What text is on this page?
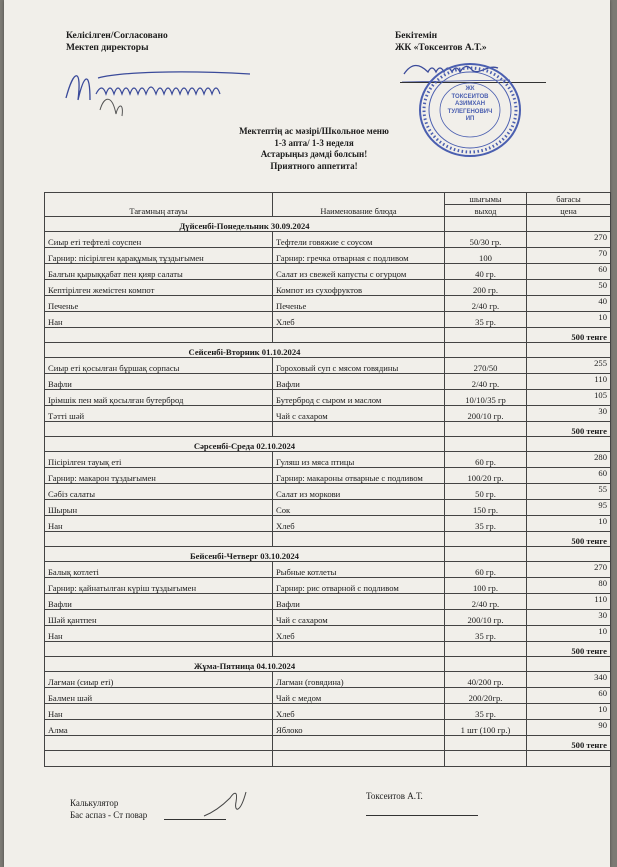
Келісілген/Согласовано
Мектеп директоры
Бекітемін
ЖК «Токсеитов А.Т.»
ЖК
ТОКСЕИТОВ
АЗИМХАН
ТУЛЕГЕНОВИЧ
ИП
Мектептің ас мәзірі/Школьное меню
1-3 апта/ 1-3 неделя
Астарыңыз дәмді болсын!
Приятного аппетита!
Тағамның атауы	Наименование блюда	шығымы	бағасы
		выход	цена
Дүйсенбі-Понедельник 30.09.2024			
Сиыр еті тефтелі соуспен	Тефтели говяжие с соусом	50/30 гр.	270
Гарнир: пісірілген қарақұмық тұздығымен	Гарнир: гречка отварная с подливом	100	70
Балғын қырыққабат пен қияр салаты	Салат из свежей капусты с огурцом	40 гр.	60
Кептірілген жемістен компот	Компот из сухофруктов	200 гр.	50
Печенье	Печенье	2/40 гр.	40
Нан	Хлеб	35 гр.	10
			500 тенге
Сейсенбі-Вторник 01.10.2024			
Сиыр еті қосылған бұршақ сорпасы	Гороховый суп с мясом говядины	270/50	255
Вафли	Вафли	2/40 гр.	110
Ірімшік пен май қосылған бутерброд	Бутерброд с сыром и маслом	10/10/35 гр	105
Тәтті шәй	Чай с сахаром	200/10 гр.	30
			500 тенге
Сәрсенбі-Среда 02.10.2024			
Пісірілген тауық еті	Гуляш из мяса птицы	60 гр.	280
Гарнир: макарон тұздығымен	Гарнир: макароны отварные с подливом	100/20 гр.	60
Сәбіз салаты	Салат из моркови	50 гр.	55
Шырын	Сок	150 гр.	95
Нан	Хлеб	35 гр.	10
			500 тенге
Бейсенбі-Четверг 03.10.2024			
Балық котлеті	Рыбные котлеты	60 гр.	270
Гарнир: қайнатылған күріш тұздығымен	Гарнир: рис отварной с подливом	100 гр.	80
Вафли	Вафли	2/40 гр.	110
Шәй қантпен	Чай с сахаром	200/10 гр.	30
Нан	Хлеб	35 гр.	10
			500 тенге
Жұма-Пятница 04.10.2024			
Лағман (сиыр еті)	Лагман (говядина)	40/200 гр.	340
Балмен шәй	Чай с медом	200/20гр.	60
Нан	Хлеб	35 гр.	10
Алма	Яблоко	1 шт (100 гр.)	90
			500 тенге

Калькулятор
Бас аспаз - Ст повар
Токсеитов А.Т.
